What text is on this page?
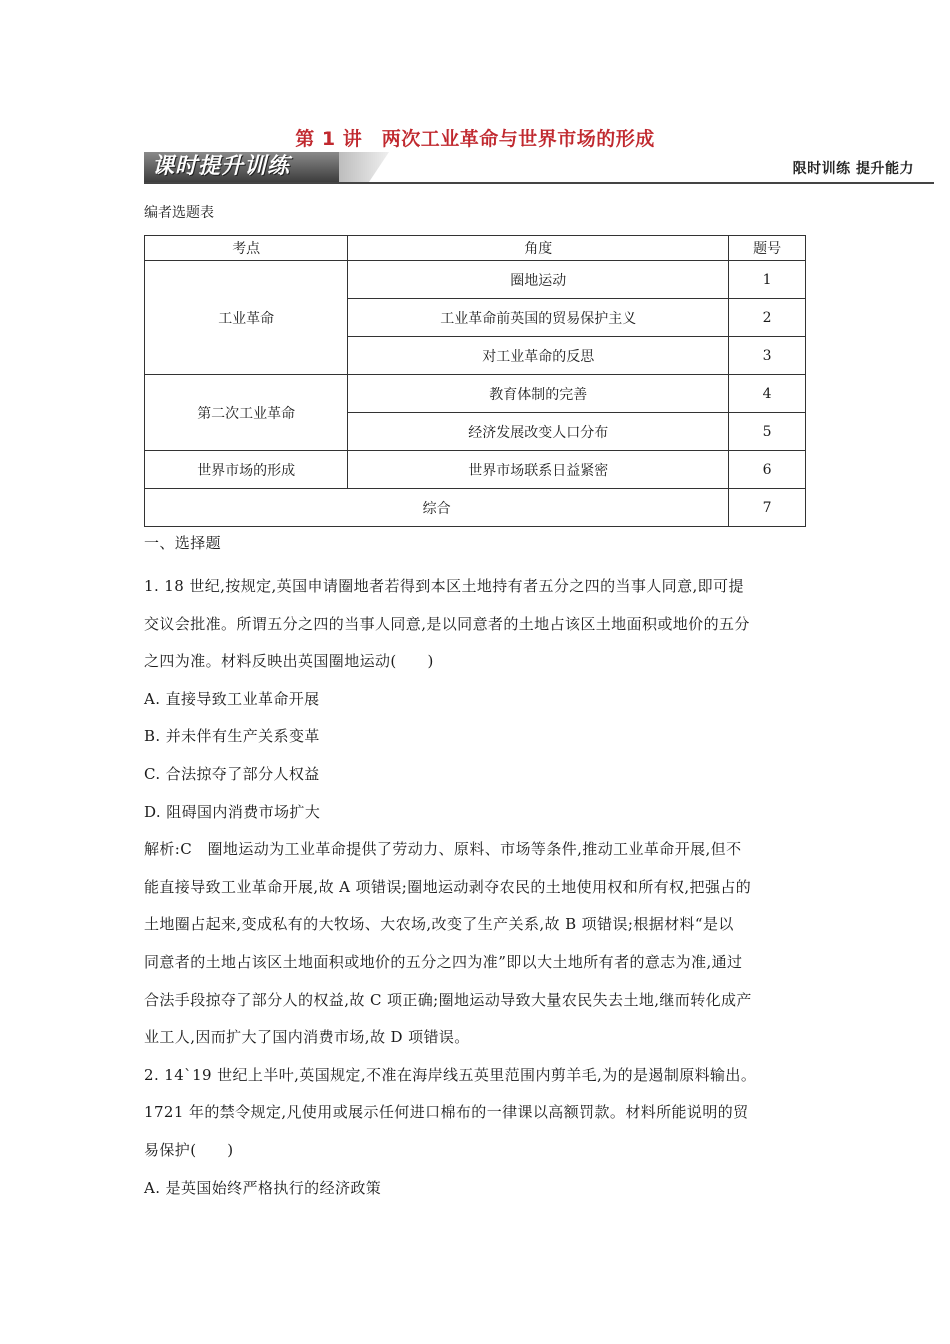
第 1 讲　两次工业革命与世界市场的形成
课时提升训练	限时训练 提升能力
编者选题表
考点	角度	题号
工业革命	圈地运动	1
	工业革命前英国的贸易保护主义	2
	对工业革命的反思	3
第二次工业革命	教育体制的完善	4
	经济发展改变人口分布	5
世界市场的形成	世界市场联系日益紧密	6
综合		7

一、选择题

1. 18 世纪,按规定,英国申请圈地者若得到本区土地持有者五分之四的当事人同意,即可提

交议会批准。所谓五分之四的当事人同意,是以同意者的土地占该区土地面积或地价的五分

之四为准。材料反映出英国圈地运动(　　)

A. 直接导致工业革命开展

B. 并未伴有生产关系变革

C. 合法掠夺了部分人权益

D. 阻碍国内消费市场扩大

解析:C　圈地运动为工业革命提供了劳动力、原料、市场等条件,推动工业革命开展,但不

能直接导致工业革命开展,故 A 项错误;圈地运动剥夺农民的土地使用权和所有权,把强占的

土地圈占起来,变成私有的大牧场、大农场,改变了生产关系,故 B 项错误;根据材料“是以

同意者的土地占该区土地面积或地价的五分之四为准”即以大土地所有者的意志为准,通过

合法手段掠夺了部分人的权益,故 C 项正确;圈地运动导致大量农民失去土地,继而转化成产

业工人,因而扩大了国内消费市场,故 D 项错误。

2. 14`19 世纪上半叶,英国规定,不准在海岸线五英里范围内剪羊毛,为的是遏制原料输出。

1721 年的禁令规定,凡使用或展示任何进口棉布的一律课以高额罚款。材料所能说明的贸

易保护(　　)

A. 是英国始终严格执行的经济政策
